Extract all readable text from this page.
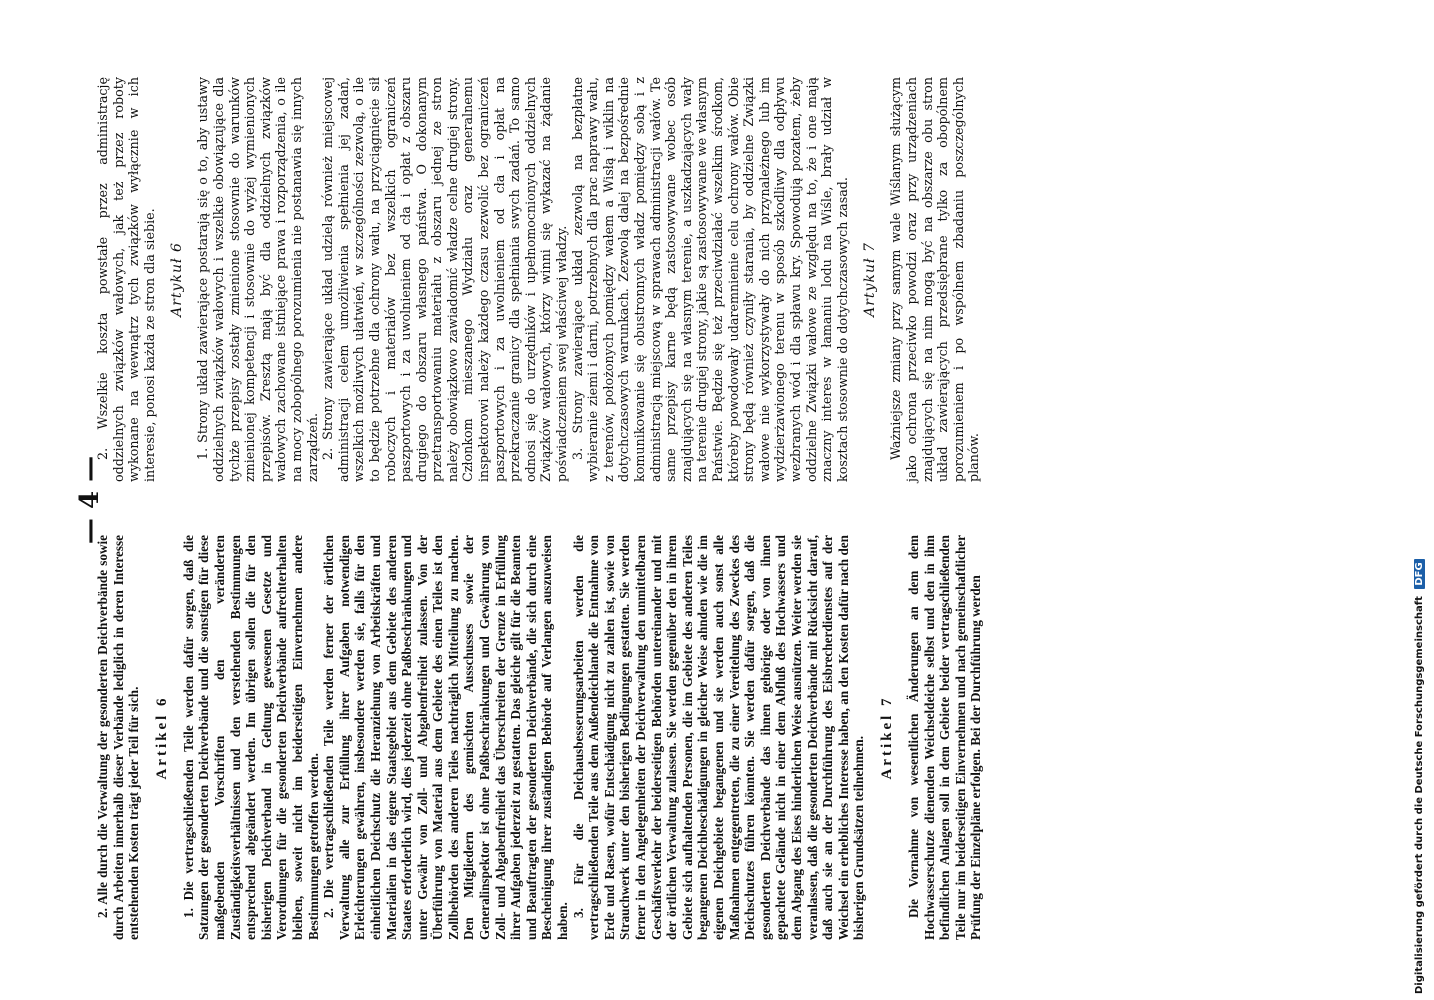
— 4 —

2. Alle durch die Verwaltung der gesonderten Deichverbände sowie durch Arbeiten innerhalb dieser Verbände lediglich in deren Interesse entstehenden Kosten trägt jeder Teil für sich. Artikel 6 1. Die vertragschließenden Teile werden dafür sorgen, daß die Satzungen der gesonderten Deichverbände und die sonstigen für diese maßgebenden Vorschriften den veränderten Zuständigkeitsverhältnissen und den verstehenden Bestimmungen entsprechend abgeändert werden. Im übrigen sollen die für den bisherigen Deichverband in Geltung gewesenen Gesetze und Verordnungen für die gesonderten Deichverbände aufrechterhalten bleiben, soweit nicht im beiderseitigen Einvernehmen andere Bestimmungen getroffen werden. 2. Die vertragschließenden Teile werden ferner der örtlichen Verwaltung alle zur Erfüllung ihrer Aufgaben notwendigen Erleichterungen gewähren, insbesondere werden sie, falls für den einheitlichen Deichschutz die Heranziehung von Arbeitskräften und Materialien in das eigene Staatsgebiet aus dem Gebiete des anderen Staates erforderlich wird, dies jederzeit ohne Paßbeschränkungen und unter Gewähr von Zoll- und Abgabenfreiheit zulassen. Von der Überführung von Material aus dem Gebiete des einen Teiles ist den Zollbehörden des anderen Teiles nachträglich Mitteilung zu machen. Den Mitgliedern des gemischten Ausschusses sowie der Generalinspektor ist ohne Paßbeschränkungen und Gewährung von Zoll- und Abgabenfreiheit das Überschreiten der Grenze in Erfüllung ihrer Aufgaben jederzeit zu gestatten. Das gleiche gilt für die Beamten und Beauftragten der gesonderten Deichverbände, die sich durch eine Bescheinigung ihrer zuständigen Behörde auf Verlangen auszuweisen haben.

3. Für die Deichausbesserungsarbeiten werden die vertragschließenden Teile aus dem Außendeichlande die Entnahme von Erde und Rasen, wofür Entschädigung nicht zu zahlen ist, sowie von Strauchwerk unter den bisherigen Bedingungen gestatten. Sie werden ferner in den Angelegenheiten der Deichverwaltung den unmittelbaren Geschäftsverkehr der beiderseitigen Behörden untereinander und mit der örtlichen Verwaltung zulassen. Sie werden gegenüber den in ihrem Gebiete sich aufhaltenden Personen, die im Gebiete des anderen Teiles begangenen Deichbeschädigungen in gleicher Weise ahnden wie die im eigenen Deichgebiete begangenen und sie werden auch sonst alle Maßnahmen entgegentreten, die zu einer Vereitelung des Zweckes des Deichschutzes führen könnten. Sie werden dafür sorgen, daß die gesonderten Deichverbände das ihnen gehörige oder von ihnen gepachtete Gelände nicht in einer dem Abfluß des Hochwassers und dem Abgang des Eises hinderlichen Weise ausnützen. Weiter werden sie veranlassen, daß die gesonderten Deichverbände mit Rücksicht darauf, daß auch sie an der Durchführung des Eisbrecherdienstes auf der Weichsel ein erhebliches Interesse haben, an den Kosten dafür nach den bisherigen Grundsätzen teilnehmen. Artikel 7 Die Vornahme von wesentlichen Änderungen an dem dem Hochwasserschutze dienenden Weichseldeiche selbst und den in ihm befindlichen Anlagen soll in dem Gebiete beider vertragschließenden Teile nur im beiderseitigen Einvernehmen und nach gemeinschaftlicher Prüfung der Einzelpläne erfolgen. Bei der Durchführung werden

2. Wszelkie koszta powstałe przez administrację oddzielnych związków wałowych, jak też przez roboty wykonane na wewnątrz tych związków wyłącznie w ich interesie, ponosi każda ze stron dla siebie. Artykuł 6 1. Strony układ zawierające postarają się o to, aby ustawy oddzielnych związków wałowych i wszelkie obowiązujące dla tychże przepisy zostały zmienione stosownie do warunków zmienionej kompetencji i stosownie do wyżej wymienionych przepisów. Zresztą mają być dla oddzielnych związków wałowych zachowane istniejące prawa i rozporządzenia, o ile na mocy zobopólnego porozumienia nie postanawia się innych zarządzeń. 2. Strony zawierające układ udzielą również miejscowej administracji celem umożliwienia spełnienia jej zadań, wszelkich możliwych ułatwień, w szczególności zezwolą, o ile to będzie potrzebne dla ochrony wału, na przyciągnięcie sił roboczych i materiałów bez wszelkich ograniczeń paszportowych i za uwolnieniem od cła i opłat z obszaru drugiego do obszaru własnego państwa. O dokonanym przetransportowaniu materiału z obszaru jednej ze stron należy obowiązkowo zawiadomić władze celne drugiej strony. Członkom mieszanego Wydziału oraz generalnemu inspektorowi należy każdego czasu zezwolić bez ograniczeń paszportowych i za uwolnieniem od cła i opłat na przekraczanie granicy dla spełniania swych zadań. To samo odnosi się do urzędników i upełnomocnionych oddzielnych Związków wałowych, którzy winni się wykazać na żądanie poświadczeniem swej właściwej władzy. 3. Strony zawierające układ zezwolą na bezpłatne wybieranie ziemi i darni, potrzebnych dla prac naprawy wału, z terenów, położonych pomiędzy wałem a Wisłą i wiklin na dotychczasowych warunkach. Zezwolą dalej na bezpośrednie komunikowanie się obustronnych władz pomiędzy sobą i z administracją miejscową w sprawach administracji wałów. Te same przepisy karne będą zastosowywane wobec osób znajdujących się na własnym terenie, a uszkadzających wały na terenie drugiej strony, jakie są zastosowywane we własnym Państwie. Będzie się też przeciwdziałać wszelkim środkom, któreby powodowały udaremnienie celu ochrony wałów. Obie strony będą również czyniły starania, by oddzielne Związki wałowe nie wykorzystywały do nich przynależnego lub im wydzierżawionego terenu w sposób szkodliwy dla odpływu wezbranych wód i dla spławu kry. Spowodują pozatem, żeby oddzielne Związki wałowe ze względu na to, że i one mają znaczny interes w łamaniu lodu na Wiśle, brały udział w kosztach stosownie do dotychczasowych zasad. Artykuł 7 Ważniejsze zmiany przy samym wale Wiślanym służącym jako ochrona przeciwko powodzi oraz przy urządzeniach znajdujących się na nim mogą być na obszarze obu stron układ zawierających przedsiębrane tylko za obopólnem porozumieniem i po wspólnem zbadaniu poszczególnych planów.

Digitalisierung gefördert durch die Deutsche Forschungsgemeinschaft DFG
